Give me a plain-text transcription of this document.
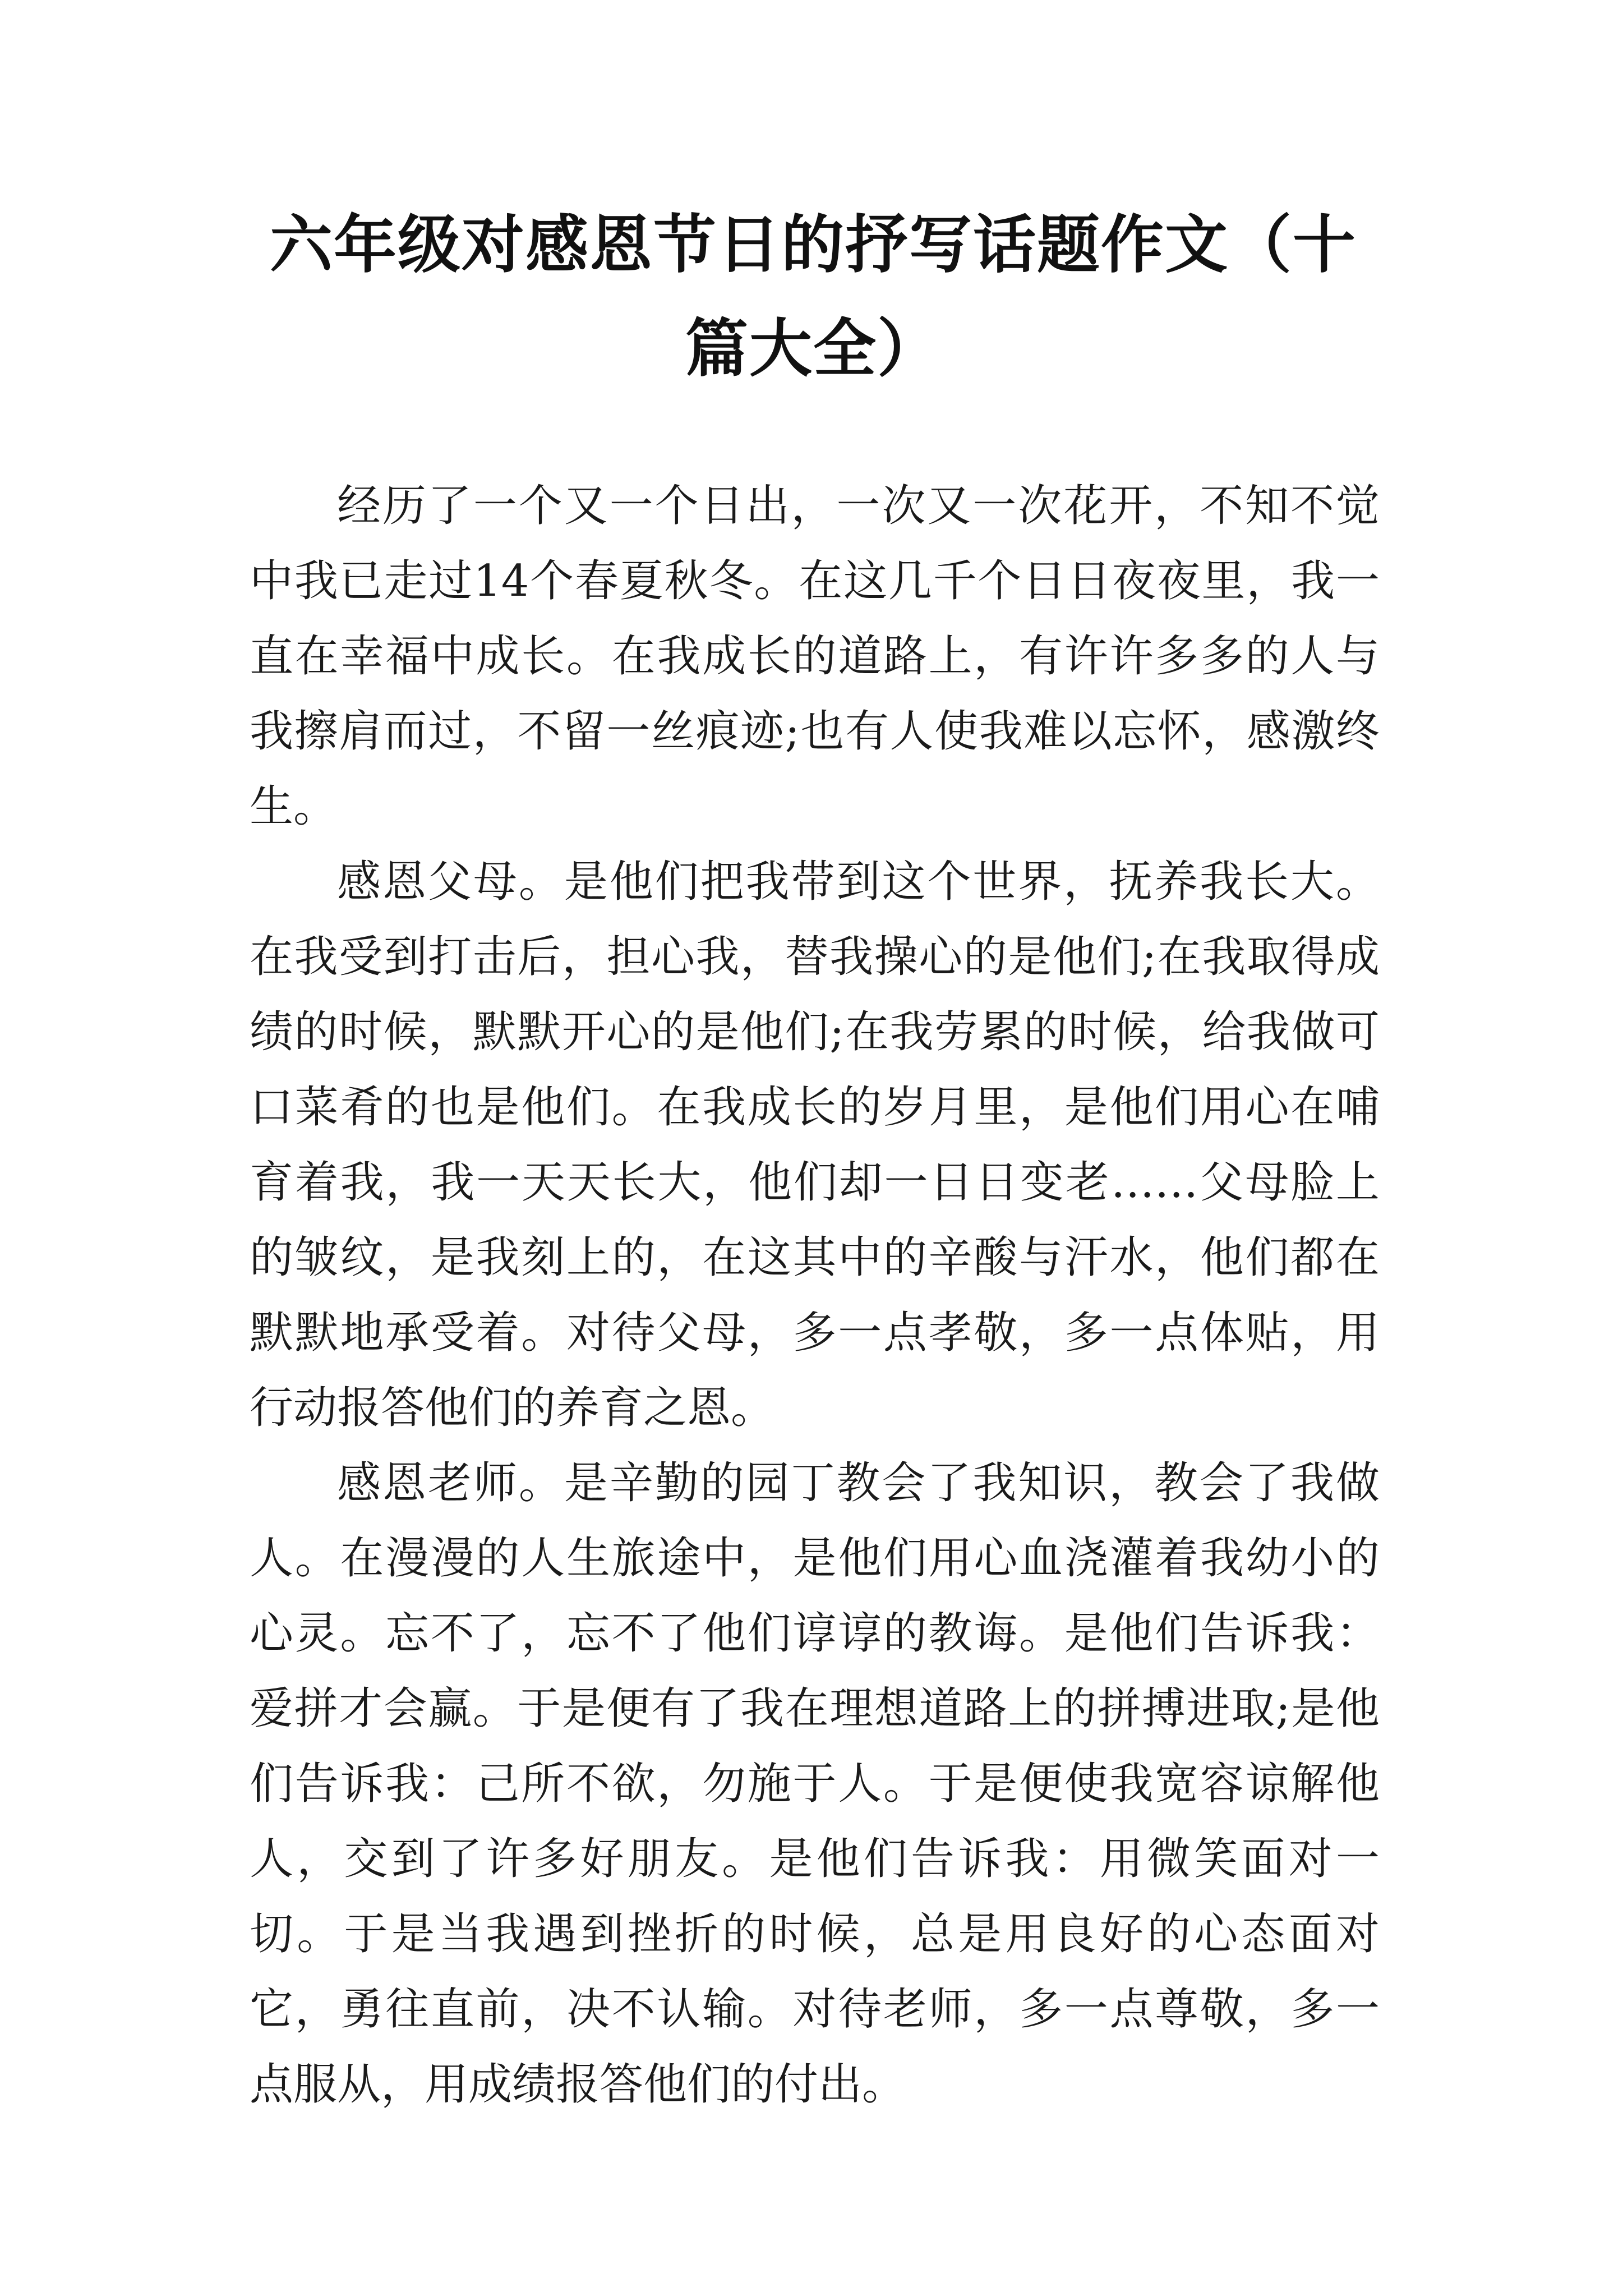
六年级对感恩节日的抒写话题作文（十篇大全）

经历了一个又一个日出，一次又一次花开，不知不觉中我已走过14个春夏秋冬。在这几千个日日夜夜里，我一直在幸福中成长。在我成长的道路上，有许许多多的人与我擦肩而过，不留一丝痕迹;也有人使我难以忘怀，感激终生。

感恩父母。是他们把我带到这个世界，抚养我长大。在我受到打击后，担心我，替我操心的是他们;在我取得成绩的时候，默默开心的是他们;在我劳累的时候，给我做可口菜肴的也是他们。在我成长的岁月里，是他们用心在哺育着我，我一天天长大，他们却一日日变老……父母脸上的皱纹，是我刻上的，在这其中的辛酸与汗水，他们都在默默地承受着。对待父母，多一点孝敬，多一点体贴，用行动报答他们的养育之恩。

感恩老师。是辛勤的园丁教会了我知识，教会了我做人。在漫漫的人生旅途中，是他们用心血浇灌着我幼小的心灵。忘不了，忘不了他们谆谆的教诲。是他们告诉我：爱拼才会赢。于是便有了我在理想道路上的拼搏进取;是他们告诉我：己所不欲，勿施于人。于是便使我宽容谅解他人，交到了许多好朋友。是他们告诉我：用微笑面对一切。于是当我遇到挫折的时候，总是用良好的心态面对它，勇往直前，决不认输。对待老师，多一点尊敬，多一点服从，用成绩报答他们的付出。
